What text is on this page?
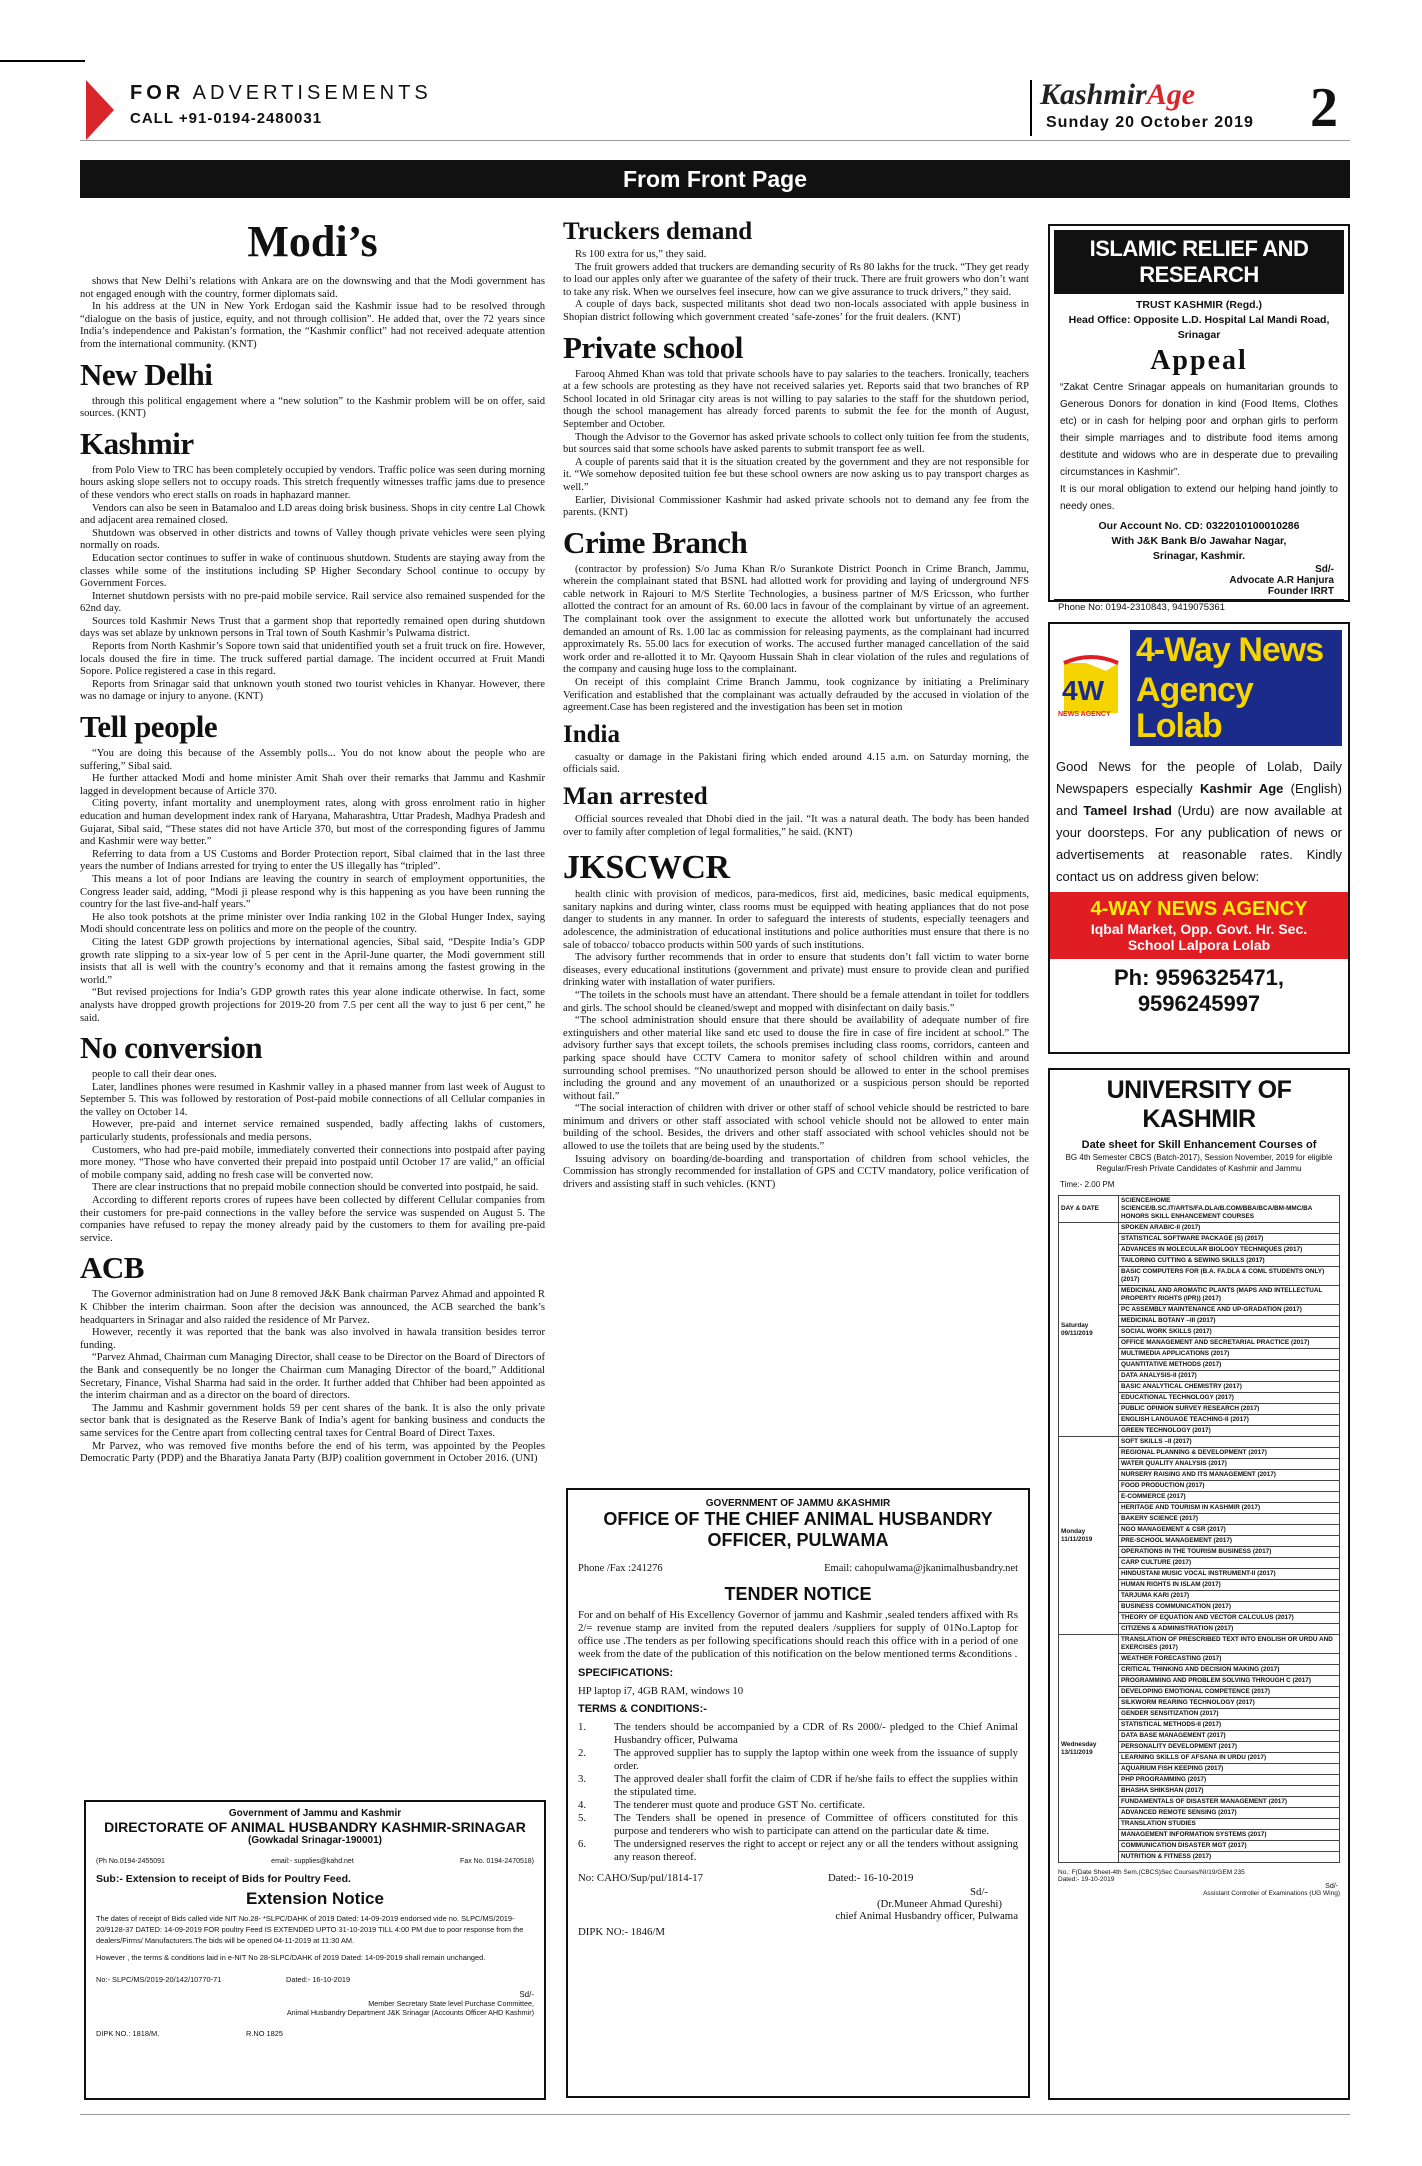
FOR ADVERTISEMENTS
CALL +91-0194-2480031
KashmirAge
Sunday 20 October 2019 2
From Front Page
Modi’s

shows that New Delhi’s relations with Ankara are on the downswing and that the Modi government has not engaged enough with the country, former diplomats said.

In his address at the UN in New York Erdogan said the Kashmir issue had to be resolved through “dialogue on the basis of justice, equity, and not through collision”. He added that, over the 72 years since India’s independence and Pakistan’s formation, the “Kashmir conflict” had not received adequate attention from the international community. (KNT)

New Delhi

through this political engagement where a “new solution” to the Kashmir problem will be on offer, said sources. (KNT)

Kashmir

from Polo View to TRC has been completely occupied by vendors. Traffic police was seen during morning hours asking slope sellers not to occupy roads. This stretch frequently witnesses traffic jams due to presence of these vendors who erect stalls on roads in haphazard manner.

Vendors can also be seen in Batamaloo and LD areas doing brisk business. Shops in city centre Lal Chowk and adjacent area remained closed.

Shutdown was observed in other districts and towns of Valley though private vehicles were seen plying normally on roads.

Education sector continues to suffer in wake of continuous shutdown. Students are staying away from the classes while some of the institutions including SP Higher Secondary School continue to occupy by Government Forces.

Internet shutdown persists with no pre-paid mobile service. Rail service also remained suspended for the 62nd day.

Sources told Kashmir News Trust that a garment shop that reportedly remained open during shutdown days was set ablaze by unknown persons in Tral town of South Kashmir’s Pulwama district.

Reports from North Kashmir’s Sopore town said that unidentified youth set a fruit truck on fire. However, locals doused the fire in time. The truck suffered partial damage. The incident occurred at Fruit Mandi Sopore. Police registered a case in this regard.

Reports from Srinagar said that unknown youth stoned two tourist vehicles in Khanyar. However, there was no damage or injury to anyone. (KNT)

Tell people

“You are doing this because of the Assembly polls... You do not know about the people who are suffering,” Sibal said.

He further attacked Modi and home minister Amit Shah over their remarks that Jammu and Kashmir lagged in development because of Article 370.

Citing poverty, infant mortality and unemployment rates, along with gross enrolment ratio in higher education and human development index rank of Haryana, Maharashtra, Uttar Pradesh, Madhya Pradesh and Gujarat, Sibal said, “These states did not have Article 370, but most of the corresponding figures of Jammu and Kashmir were way better.”

Referring to data from a US Customs and Border Protection report, Sibal claimed that in the last three years the number of Indians arrested for trying to enter the US illegally has “tripled”.

This means a lot of poor Indians are leaving the country in search of employment opportunities, the Congress leader said, adding, “Modi ji please respond why is this happening as you have been running the country for the last five-and-half years.”

He also took potshots at the prime minister over India ranking 102 in the Global Hunger Index, saying Modi should concentrate less on politics and more on the people of the country.

Citing the latest GDP growth projections by international agencies, Sibal said, “Despite India’s GDP growth rate slipping to a six-year low of 5 per cent in the April-June quarter, the Modi government still insists that all is well with the country’s economy and that it remains among the fastest growing in the world.”

“But revised projections for India’s GDP growth rates this year alone indicate otherwise. In fact, some analysts have dropped growth projections for 2019-20 from 7.5 per cent all the way to just 6 per cent,” he said.

No conversion

people to call their dear ones.

Later, landlines phones were resumed in Kashmir valley in a phased manner from last week of August to September 5. This was followed by restoration of Post-paid mobile connections of all Cellular companies in the valley on October 14.

However, pre-paid and internet service remained suspended, badly affecting lakhs of customers, particularly students, professionals and media persons.

Customers, who had pre-paid mobile, immediately converted their connections into postpaid after paying more money. “Those who have converted their prepaid into postpaid until October 17 are valid,” an official of mobile company said, adding no fresh case will be converted now.

There are clear instructions that no prepaid mobile connection should be converted into postpaid, he said.

According to different reports crores of rupees have been collected by different Cellular companies from their customers for pre-paid connections in the valley before the service was suspended on August 5. The companies have refused to repay the money already paid by the customers to them for availing pre-paid service.

ACB

The Governor administration had on June 8 removed J&K Bank chairman Parvez Ahmad and appointed R K Chibber the interim chairman. Soon after the decision was announced, the ACB searched the bank’s headquarters in Srinagar and also raided the residence of Mr Parvez.

However, recently it was reported that the bank was also involved in hawala transition besides terror funding.

“Parvez Ahmad, Chairman cum Managing Director, shall cease to be Director on the Board of Directors of the Bank and consequently be no longer the Chairman cum Managing Director of the board,” Additional Secretary, Finance, Vishal Sharma had said in the order. It further added that Chhiber had been appointed as the interim chairman and as a director on the board of directors.

The Jammu and Kashmir government holds 59 per cent shares of the bank. It is also the only private sector bank that is designated as the Reserve Bank of India’s agent for banking business and conducts the same services for the Centre apart from collecting central taxes for Central Board of Direct Taxes.

Mr Parvez, who was removed five months before the end of his term, was appointed by the Peoples Democratic Party (PDP) and the Bharatiya Janata Party (BJP) coalition government in October 2016. (UNI)

Government of Jammu and Kashmir
DIRECTORATE OF ANIMAL HUSBANDRY KASHMIR-SRINAGAR
(Gowkadal Srinagar-190001)
(Ph No.0194-2455091	email:- supplies@kahd.net	Fax No. 0194-2470518)
Sub:- Extension to receipt of Bids for Poultry Feed.
Extension Notice
The dates of receipt of Bids called vide NIT No.28- *SLPC/DAHK of 2019 Dated: 14-09-2019 endorsed vide no. SLPC/MS/2019-20/9128-37 DATED: 14-09-2019 FOR poultry Feed IS EXTENDED UPTO 31-10-2019 TILL 4:00 PM due to poor response from the dealers/Firms/ Manufacturers.The bids will be opened 04-11-2019 at 11:30 AM.
However , the terms & conditions laid in e-NIT No 28-SLPC/DAHK of 2019 Dated: 14-09-2019 shall remain unchanged.
No:- SLPC/MS/2019-20/142/10770-71	Dated:- 16-10-2019
Sd/-
Member Secretary State level Purchase Committee,
Animal Husbandry Department J&K Srinagar (Accounts Officer AHD Kashmir)
DIPK NO.: 1818/M.	R.NO 1825
Truckers demand

Rs 100 extra for us,” they said.

The fruit growers added that truckers are demanding security of Rs 80 lakhs for the truck. “They get ready to load our apples only after we guarantee of the safety of their truck. There are fruit growers who don’t want to take any risk. When we ourselves feel insecure, how can we give assurance to truck drivers,” they said.

A couple of days back, suspected militants shot dead two non-locals associated with apple business in Shopian district following which government created ‘safe-zones’ for the fruit dealers. (KNT)

Private school

Farooq Ahmed Khan was told that private schools have to pay salaries to the teachers. Ironically, teachers at a few schools are protesting as they have not received salaries yet. Reports said that two branches of RP School located in old Srinagar city areas is not willing to pay salaries to the staff for the shutdown period, though the school management has already forced parents to submit the fee for the month of August, September and October.

Though the Advisor to the Governor has asked private schools to collect only tuition fee from the students, but sources said that some schools have asked parents to submit transport fee as well.

A couple of parents said that it is the situation created by the government and they are not responsible for it. “We somehow deposited tuition fee but these school owners are now asking us to pay transport charges as well.”

Earlier, Divisional Commissioner Kashmir had asked private schools not to demand any fee from the parents. (KNT)

Crime Branch

(contractor by profession) S/o Juma Khan R/o Surankote District Poonch in Crime Branch, Jammu, wherein the complainant stated that BSNL had allotted work for providing and laying of underground NFS cable network in Rajouri to M/S Sterlite Technologies, a business partner of M/S Ericsson, who further allotted the contract for an amount of Rs. 60.00 lacs in favour of the complainant by virtue of an agreement. The complainant took over the assignment to execute the allotted work but unfortunately the accused demanded an amount of Rs. 1.00 lac as commission for releasing payments, as the complainant had incurred approximately Rs. 55.00 lacs for execution of works. The accused further managed cancellation of the said work order and re-allotted it to Mr. Qayoom Hussain Shah in clear violation of the rules and regulations of the company and causing huge loss to the complainant.

On receipt of this complaint Crime Branch Jammu, took cognizance by initiating a Preliminary Verification and established that the complainant was actually defrauded by the accused in violation of the agreement.Case has been registered and the investigation has been set in motion

India

casualty or damage in the Pakistani firing which ended around 4.15 a.m. on Saturday morning, the officials said.

Man arrested

Official sources revealed that Dhobi died in the jail. “It was a natural death. The body has been handed over to family after completion of legal formalities,” he said. (KNT)

JKSCWCR

health clinic with provision of medicos, para-medicos, first aid, medicines, basic medical equipments, sanitary napkins and during winter, class rooms must be equipped with heating appliances that do not pose danger to students in any manner. In order to safeguard the interests of students, especially teenagers and adolescence, the administration of educational institutions and police authorities must ensure that there is no sale of tobacco/ tobacco products within 500 yards of such institutions.

The advisory further recommends that in order to ensure that students don’t fall victim to water borne diseases, every educational institutions (government and private) must ensure to provide clean and purified drinking water with installation of water purifiers.

“The toilets in the schools must have an attendant. There should be a female attendant in toilet for toddlers and girls. The school should be cleaned/swept and mopped with disinfectant on daily basis.”

“The school administration should ensure that there should be availability of adequate number of fire extinguishers and other material like sand etc used to douse the fire in case of fire incident at school.” The advisory further says that except toilets, the schools premises including class rooms, corridors, canteen and parking space should have CCTV Camera to monitor safety of school children within and around surrounding school premises. “No unauthorized person should be allowed to enter in the school premises including the ground and any movement of an unauthorized or a suspicious person should be reported without fail.”

“The social interaction of children with driver or other staff of school vehicle should be restricted to bare minimum and drivers or other staff associated with school vehicle should not be allowed to enter main building of the school. Besides, the drivers and other staff associated with school vehicles should not be allowed to use the toilets that are being used by the students.”

Issuing advisory on boarding/de-boarding and transportation of children from school vehicles, the Commission has strongly recommended for installation of GPS and CCTV mandatory, police verification of drivers and assisting staff in such vehicles. (KNT)

GOVERNMENT OF JAMMU &KASHMIR
OFFICE OF THE CHIEF ANIMAL HUSBANDRY OFFICER, PULWAMA
Phone /Fax :241276	Email: cahopulwama@jkanimalhusbandry.net
TENDER NOTICE
For and on behalf of His Excellency Governor of jammu and Kashmir ,sealed tenders affixed with Rs 2/= revenue stamp are invited from the reputed dealers /suppliers for supply of 01No.Laptop for office use .The tenders as per following specifications should reach this office with in a period of one week from the date of the publication of this notification on the below mentioned terms &conditions .
SPECIFICATIONS:
HP laptop i7, 4GB RAM, windows 10
TERMS & CONDITIONS:-
1.	The tenders should be accompanied by a CDR of Rs 2000/- pledged to the Chief Animal Husbandry officer, Pulwama
2.	The approved supplier has to supply the laptop within one week from the issuance of supply order.
3.	The approved dealer shall forfit the claim of CDR if he/she fails to effect the supplies within the stipulated time.
4.	The tenderer must quote and produce GST No. certificate.
5.	The Tenders shall be opened in presence of Committee of officers constituted for this purpose and tenderers who wish to participate can attend on the particular date & time.
6.	The undersigned reserves the right to accept or reject any or all the tenders without assigning any reason thereof.
No: CAHO/Sup/pul/1814-17	Dated:- 16-10-2019
Sd/-
(Dr.Muneer Ahmad Qureshi)
chief Animal Husbandry officer, Pulwama
DIPK NO:- 1846/M
ISLAMIC RELIEF AND RESEARCH
TRUST KASHMIR (Regd.)
Head Office: Opposite L.D. Hospital Lal Mandi Road, Srinagar
Appeal
“Zakat Centre Srinagar appeals on humanitarian grounds to Generous Donors for donation in kind (Food Items, Clothes etc) or in cash for helping poor and orphan girls to perform their simple marriages and to distribute food items among destitute and widows who are in desperate due to prevailing circumstances in Kashmir”.
It is our moral obligation to extend our helping hand jointly to needy ones.
Our Account No. CD: 0322010100010286
With J&K Bank B/o Jawahar Nagar,
Srinagar, Kashmir.
Sd/-
Advocate A.R Hanjura
Founder IRRT
Phone No: 0194-2310843, 9419075361
4W
NEWS AGENCY
4-Way News
Agency Lolab
Good News for the people of Lolab, Daily Newspapers especially Kashmir Age (English) and Tameel Irshad (Urdu) are now available at your doorsteps. For any publication of news or advertisements at reasonable rates. Kindly contact us on address given below:
4-WAY NEWS AGENCY
Iqbal Market, Opp. Govt. Hr. Sec.
School Lalpora Lolab
Ph: 9596325471, 9596245997
UNIVERSITY OF KASHMIR
Date sheet for Skill Enhancement Courses of
BG 4th Semester CBCS (Batch-2017), Session November, 2019 for eligible Regular/Fresh Private Candidates of Kashmir and Jammu
Time:- 2.00 PM
DAY & DATE	SCIENCE/HOME SCIENCE/B.SC.IT/ARTS/FA.DLA/B.COM/BBA/BCA/BM-MMC/BA HONORS SKILL ENHANCEMENT COURSES
Saturday 09/11/2019	SPOKEN ARABIC-II (2017)
	STATISTICAL SOFTWARE PACKAGE (S) (2017)
	ADVANCES IN MOLECULAR BIOLOGY TECHNIQUES (2017)
	TAILORING CUTTING & SEWING SKILLS (2017)
	BASIC COMPUTERS FOR (B.A. FA.DLA & COML STUDENTS ONLY) (2017)
	MEDICINAL AND AROMATIC PLANTS (MAPS AND INTELLECTUAL PROPERTY RIGHTS (IPR)) (2017)
	PC ASSEMBLY MAINTENANCE AND UP-GRADATION (2017)
	MEDICINAL BOTANY –III (2017)
	SOCIAL WORK SKILLS (2017)
	OFFICE MANAGEMENT AND SECRETARIAL PRACTICE (2017)
	MULTIMEDIA APPLICATIONS (2017)
	QUANTITATIVE METHODS (2017)
	DATA ANALYSIS-II (2017)
	BASIC ANALYTICAL CHEMISTRY (2017)
	EDUCATIONAL TECHNOLOGY (2017)
	PUBLIC OPINION SURVEY RESEARCH (2017)
	ENGLISH LANGUAGE TEACHING-II (2017)
	GREEN TECHNOLOGY (2017)
Monday 11/11/2019	SOFT SKILLS –II (2017)
	REGIONAL PLANNING & DEVELOPMENT (2017)
	WATER QUALITY ANALYSIS (2017)
	NURSERY RAISING AND ITS MANAGEMENT (2017)
	FOOD PRODUCTION (2017)
	E-COMMERCE (2017)
	HERITAGE AND TOURISM IN KASHMIR (2017)
	BAKERY SCIENCE (2017)
	NGO MANAGEMENT & CSR (2017)
	PRE-SCHOOL MANAGEMENT (2017)
	OPERATIONS IN THE TOURISM BUSINESS (2017)
	CARP CULTURE (2017)
	HINDUSTANI MUSIC VOCAL INSTRUMENT-II (2017)
	HUMAN RIGHTS IN ISLAM (2017)
	TARJUMA KARI (2017)
	BUSINESS COMMUNICATION (2017)
	THEORY OF EQUATION AND VECTOR CALCULUS (2017)
	CITIZENS & ADMINISTRATION (2017)
Wednesday 13/11/2019	TRANSLATION OF PRESCRIBED TEXT INTO ENGLISH OR URDU AND EXERCISES (2017)
	WEATHER FORECASTING (2017)
	CRITICAL THINKING AND DECISION MAKING (2017)
	PROGRAMMING AND PROBLEM SOLVING THROUGH C (2017)
	DEVELOPING EMOTIONAL COMPETENCE (2017)
	SILKWORM REARING TECHNOLOGY (2017)
	GENDER SENSITIZATION (2017)
	STATISTICAL METHODS-II (2017)
	DATA BASE MANAGEMENT (2017)
	PERSONALITY DEVELOPMENT (2017)
	LEARNING SKILLS OF AFSANA IN URDU (2017)
	AQUARIUM FISH KEEPING (2017)
	PHP PROGRAMMING (2017)
	BHASHA SHIKSHAN (2017)
	FUNDAMENTALS OF DISASTER MANAGEMENT (2017)
	ADVANCED REMOTE SENSING (2017)
	TRANSLATION STUDIES
	MANAGEMENT INFORMATION SYSTEMS (2017)
	COMMUNICATION DISASTER MGT (2017)
	NUTRITION & FITNESS (2017)
No.: F(Date Sheet-4th Sem.(CBCS)Sec Courses/NI/19/GEM 235
Dated:- 19-10-2019
Sd/-
Assistant Controller of Examinations (UG Wing)
